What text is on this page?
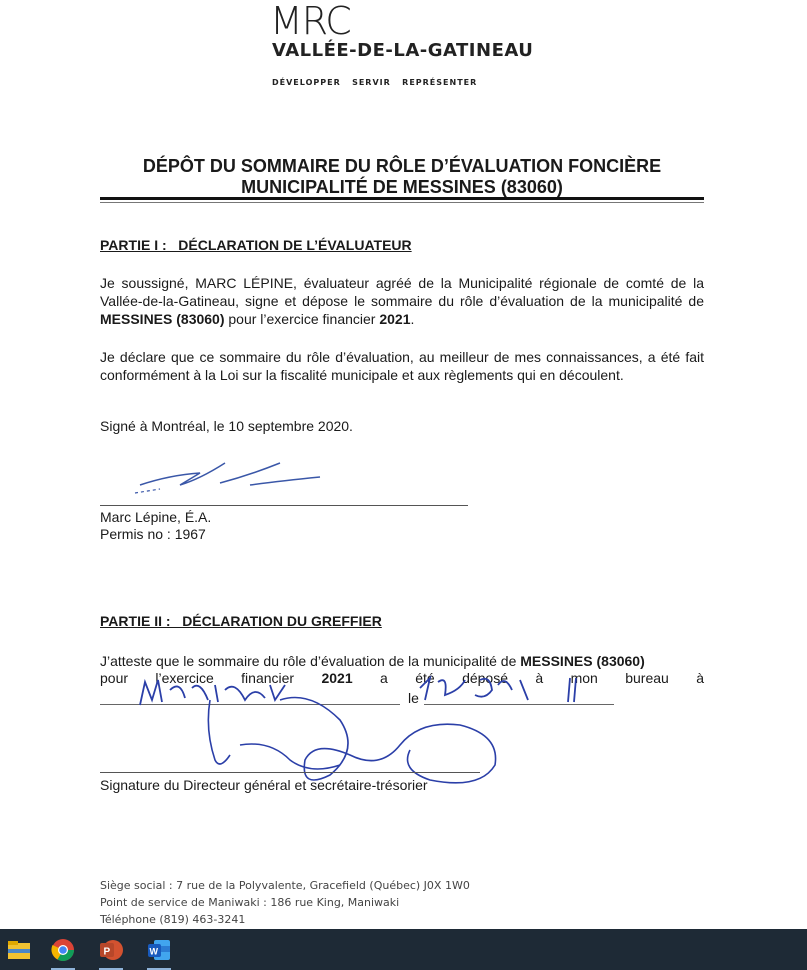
MRC
VALLÉE-DE-LA-GATINEAU
DÉVELOPPER   SERVIR   REPRÉSENTER
DÉPÔT DU SOMMAIRE DU RÔLE D’ÉVALUATION FONCIÈRE
MUNICIPALITÉ DE MESSINES (83060)
PARTIE I :   DÉCLARATION DE L’ÉVALUATEUR
Je soussigné, MARC LÉPINE, évaluateur agréé de la Municipalité régionale de comté de la Vallée-de-la-Gatineau, signe et dépose le sommaire du rôle d’évaluation de la municipalité de MESSINES (83060) pour l’exercice financier 2021.
Je déclare que ce sommaire du rôle d’évaluation, au meilleur de mes connaissances, a été fait conformément à la Loi sur la fiscalité municipale et aux règlements qui en découlent.
Signé à Montréal, le 10 septembre 2020.
Marc Lépine, É.A.
Permis no : 1967
PARTIE II :   DÉCLARATION DU GREFFIER
J’atteste que le sommaire du rôle d’évaluation de la municipalité de MESSINES (83060)
pour l’exercice financier 2021 a été déposé à mon bureau à
le
Signature du Directeur général et secrétaire-trésorier
Siège social : 7 rue de la Polyvalente, Gracefield (Québec) J0X 1W0
Point de service de Maniwaki : 186 rue King, Maniwaki
Téléphone (819) 463-3241
P	W
